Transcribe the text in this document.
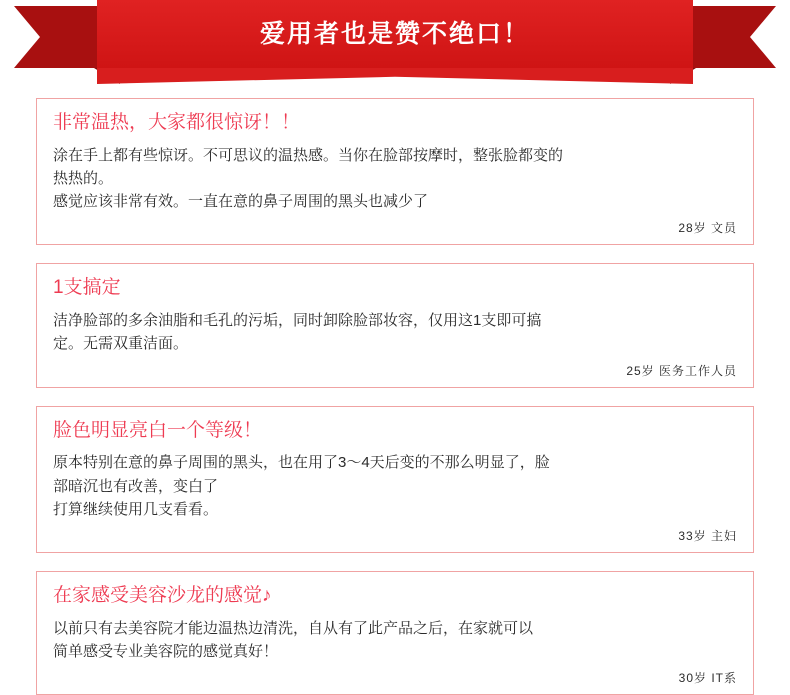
爱用者也是赞不绝口！
非常温热，大家都很惊讶！！
涂在手上都有些惊讶。不可思议的温热感。当你在脸部按摩时，整张脸都变的
热热的。
感觉应该非常有效。一直在意的鼻子周围的黑头也减少了
28岁 文员
1支搞定
洁净脸部的多余油脂和毛孔的污垢，同时卸除脸部妆容，仅用这1支即可搞
定。无需双重洁面。
25岁 医务工作人员
脸色明显亮白一个等级！
原本特别在意的鼻子周围的黑头，也在用了3～4天后变的不那么明显了，脸
部暗沉也有改善，变白了
打算继续使用几支看看。
33岁 主妇
在家感受美容沙龙的感觉♪
以前只有去美容院才能边温热边清洗，自从有了此产品之后，在家就可以
简单感受专业美容院的感觉真好！
30岁 IT系
